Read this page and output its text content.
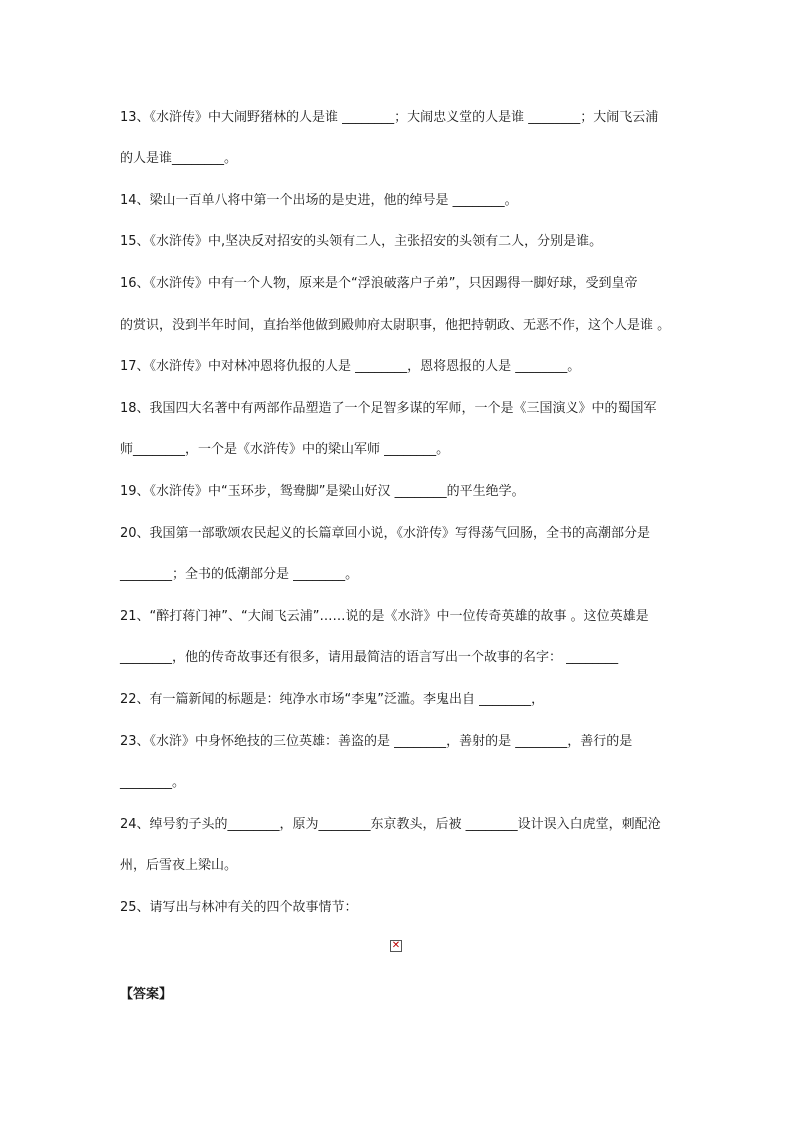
13、《水浒传》中大闹野猪林的人是谁 ________；大闹忠义堂的人是谁 ________；大闹飞云浦
的人是谁________。
14、梁山一百单八将中第一个出场的是史进，他的绰号是 ________。
15、《水浒传》中,坚决反对招安的头领有二人，主张招安的头领有二人，分别是谁。
16、《水浒传》中有一个人物，原来是个“浮浪破落户子弟”，只因踢得一脚好球，受到皇帝
的赏识，没到半年时间，直抬举他做到殿帅府太尉职事，他把持朝政、无恶不作，这个人是谁 。
17、《水浒传》中对林冲恩将仇报的人是 ________，恩将恩报的人是 ________。
18、我国四大名著中有两部作品塑造了一个足智多谋的军师，一个是《三国演义》中的蜀国军
师________，一个是《水浒传》中的梁山军师 ________。
19、《水浒传》中“玉环步，鸳鸯脚”是梁山好汉 ________的平生绝学。
20、我国第一部歌颂农民起义的长篇章回小说，《水浒传》写得荡气回肠，全书的高潮部分是
________；全书的低潮部分是 ________。
21、“醉打蒋门神”、“大闹飞云浦”……说的是《水浒》中一位传奇英雄的故事 。这位英雄是
________，他的传奇故事还有很多，请用最简洁的语言写出一个故事的名字： ________
22、有一篇新闻的标题是：纯净水市场“李鬼”泛滥。李鬼出自 ________，
23、《水浒》中身怀绝技的三位英雄：善盗的是 ________，善射的是 ________，善行的是
________。
24、绰号豹子头的________，原为________东京教头，后被 ________设计误入白虎堂，刺配沧
州，后雪夜上梁山。
25、请写出与林冲有关的四个故事情节：
✕
【答案】
